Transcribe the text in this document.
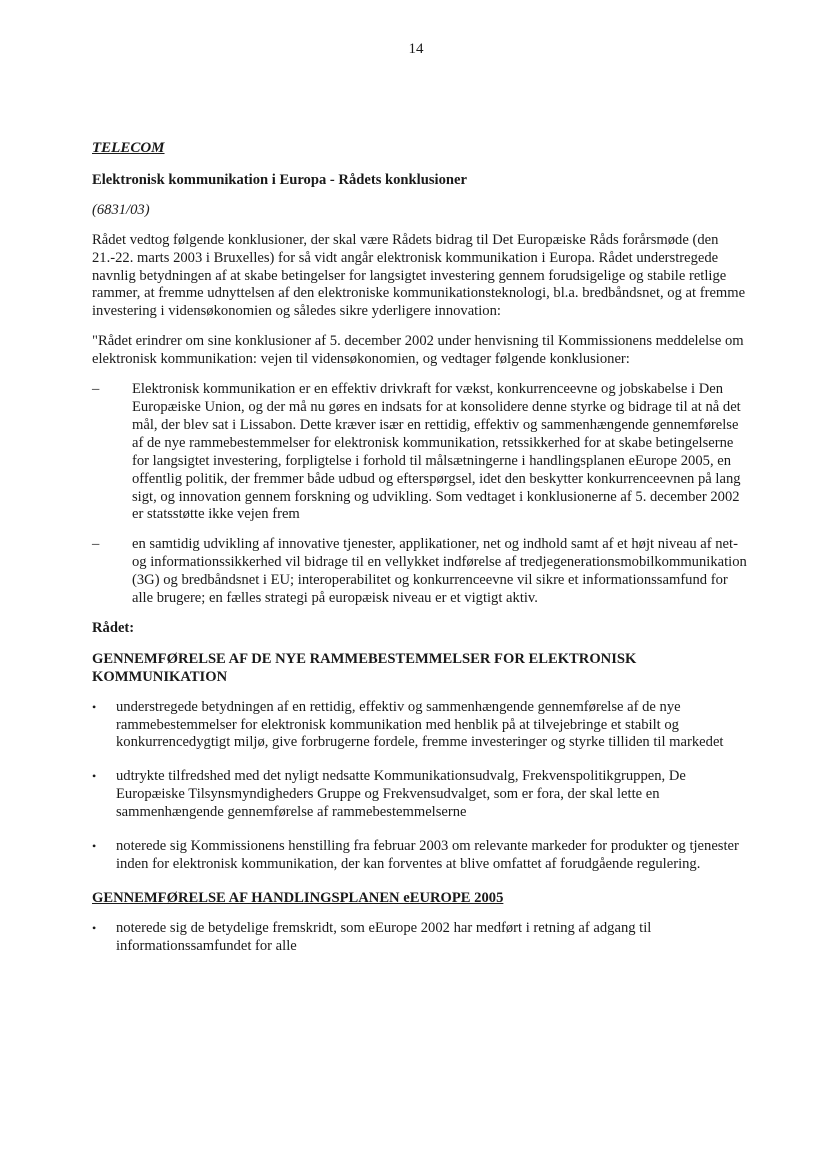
14
TELECOM
Elektronisk kommunikation i Europa - Rådets konklusioner
(6831/03)

Rådet vedtog følgende konklusioner, der skal være Rådets bidrag til Det Europæiske Råds forårsmøde (den 21.-22. marts 2003 i Bruxelles) for så vidt angår elektronisk kommunikation i Europa. Rådet understregede navnlig betydningen af at skabe betingelser for langsigtet investering gennem forudsigelige og stabile retlige rammer, at fremme udnyttelsen af den elektroniske kommunikationsteknologi, bl.a. bredbåndsnet, og at fremme investering i vidensøkonomien og således sikre yderligere innovation:

"Rådet erindrer om sine konklusioner af 5. december 2002 under henvisning til Kommissionens meddelelse om elektronisk kommunikation: vejen til vidensøkonomien, og vedtager følgende konklusioner:

– Elektronisk kommunikation er en effektiv drivkraft for vækst, konkurrenceevne og jobskabelse i Den Europæiske Union, og der må nu gøres en indsats for at konsolidere denne styrke og bidrage til at nå det mål, der blev sat i Lissabon. Dette kræver især en rettidig, effektiv og sammenhængende gennemførelse af de nye rammebestemmelser for elektronisk kommunikation, retssikkerhed for at skabe betingelserne for langsigtet investering, forpligtelse i forhold til målsætningerne i handlingsplanen eEurope 2005, en offentlig politik, der fremmer både udbud og efterspørgsel, idet den beskytter konkurrenceevnen på lang sigt, og innovation gennem forskning og udvikling. Som vedtaget i konklusionerne af 5. december 2002 er statsstøtte ikke vejen frem
– en samtidig udvikling af innovative tjenester, applikationer, net og indhold samt af et højt niveau af net- og informationssikkerhed vil bidrage til en vellykket indførelse af tredjegenerationsmobilkommunikation (3G) og bredbåndsnet i EU; interoperabilitet og konkurrenceevne vil sikre et informationssamfund for alle brugere; en fælles strategi på europæisk niveau er et vigtigt aktiv.
Rådet:
GENNEMFØRELSE AF DE NYE RAMMEBESTEMMELSER FOR ELEKTRONISK KOMMUNIKATION
• understregede betydningen af en rettidig, effektiv og sammenhængende gennemførelse af de nye rammebestemmelser for elektronisk kommunikation med henblik på at tilvejebringe et stabilt og konkurrencedygtigt miljø, give forbrugerne fordele, fremme investeringer og styrke tilliden til markedet
• udtrykte tilfredshed med det nyligt nedsatte Kommunikationsudvalg, Frekvenspolitikgruppen, De Europæiske Tilsynsmyndigheders Gruppe og Frekvensudvalget, som er fora, der skal lette en sammenhængende gennemførelse af rammebestemmelserne
• noterede sig Kommissionens henstilling fra februar 2003 om relevante markeder for produkter og tjenester inden for elektronisk kommunikation, der kan forventes at blive omfattet af forudgående regulering.
GENNEMFØRELSE AF HANDLINGSPLANEN eEUROPE 2005
• noterede sig de betydelige fremskridt, som eEurope 2002 har medført i retning af adgang til informationssamfundet for alle
